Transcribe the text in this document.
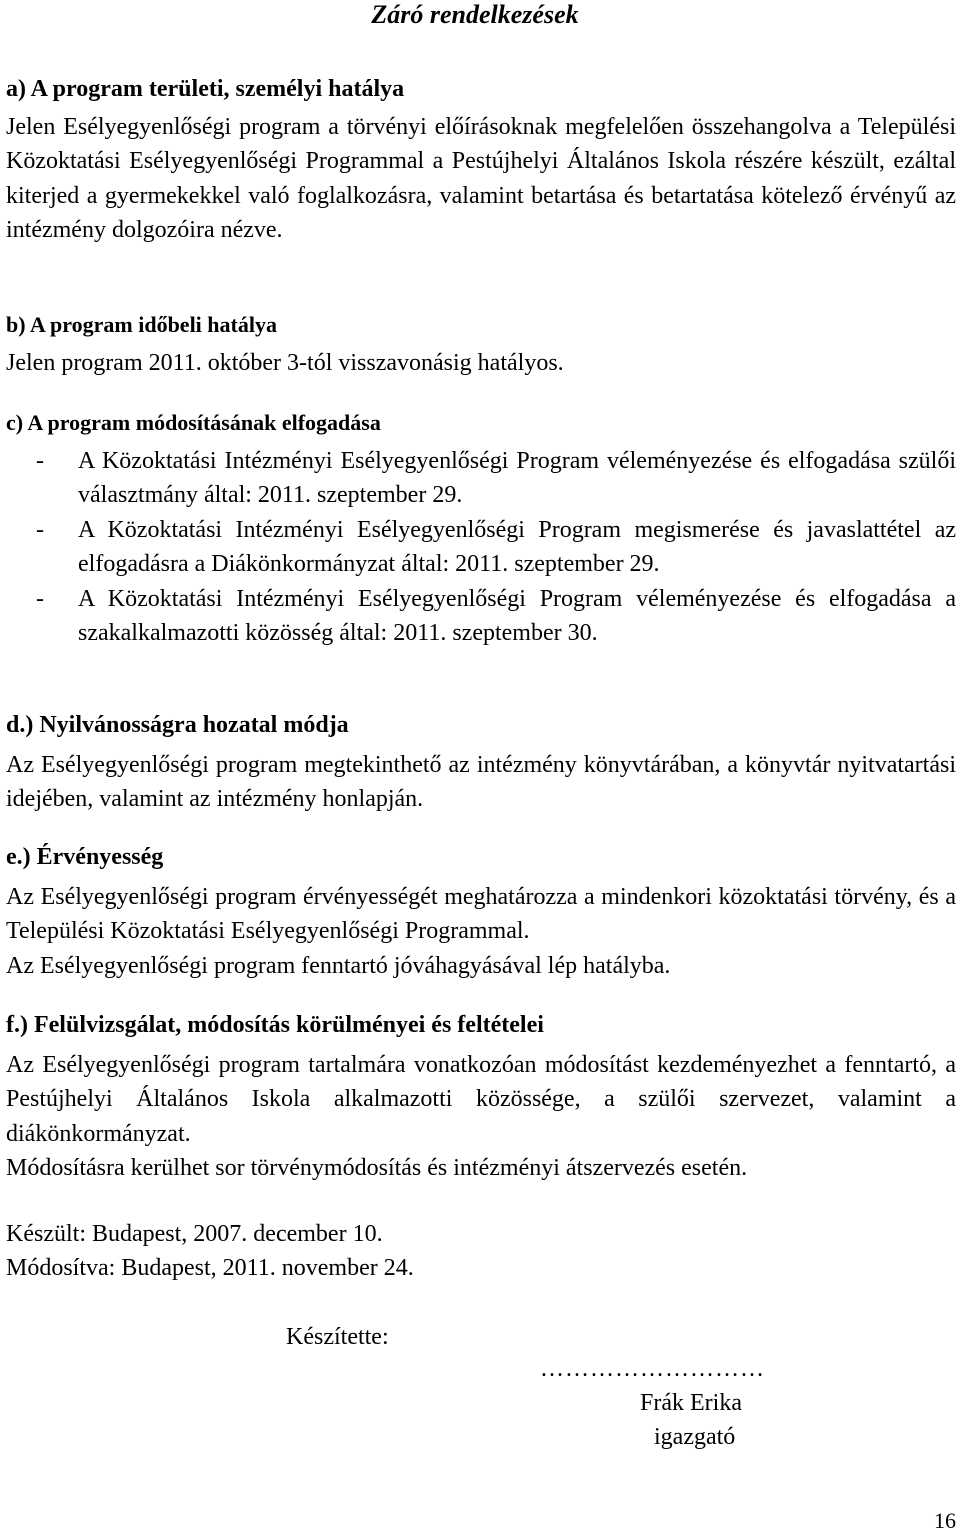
Záró rendelkezések
a) A program területi, személyi hatálya
Jelen Esélyegyenlőségi program a törvényi előírásoknak megfelelően összehangolva a Települési Közoktatási Esélyegyenlőségi Programmal a Pestújhelyi Általános Iskola részére készült, ezáltal kiterjed a gyermekekkel való foglalkozásra, valamint betartása és betartatása kötelező érvényű az intézmény dolgozóira nézve.
b) A program időbeli hatálya
Jelen program 2011. október 3-tól visszavonásig hatályos.
c) A program módosításának elfogadása
- A Közoktatási Intézményi Esélyegyenlőségi Program véleményezése és elfogadása szülői választmány által: 2011. szeptember 29.
- A Közoktatási Intézményi Esélyegyenlőségi Program megismerése és javaslattétel az elfogadásra a Diákönkormányzat által: 2011. szeptember 29.
- A Közoktatási Intézményi Esélyegyenlőségi Program véleményezése és elfogadása a szakalkalmazotti közösség által: 2011. szeptember 30.
d.) Nyilvánosságra hozatal módja
Az Esélyegyenlőségi program megtekinthető az intézmény könyvtárában, a könyvtár nyitvatartási idejében, valamint az intézmény honlapján.
e.) Érvényesség
Az Esélyegyenlőségi program érvényességét meghatározza a mindenkori közoktatási törvény, és a Települési Közoktatási Esélyegyenlőségi Programmal.
Az Esélyegyenlőségi program fenntartó jóváhagyásával lép hatályba.
f.) Felülvizsgálat, módosítás körülményei és feltételei
Az Esélyegyenlőségi program tartalmára vonatkozóan módosítást kezdeményezhet a fenntartó, a Pestújhelyi Általános Iskola alkalmazotti közössége, a szülői szervezet, valamint a diákönkormányzat.
Módosításra kerülhet sor törvénymódosítás és intézményi átszervezés esetén.
Készült: Budapest, 2007. december 10.
Módosítva: Budapest, 2011. november 24.
Készítette:
………………………
Frák Erika
igazgató
16
